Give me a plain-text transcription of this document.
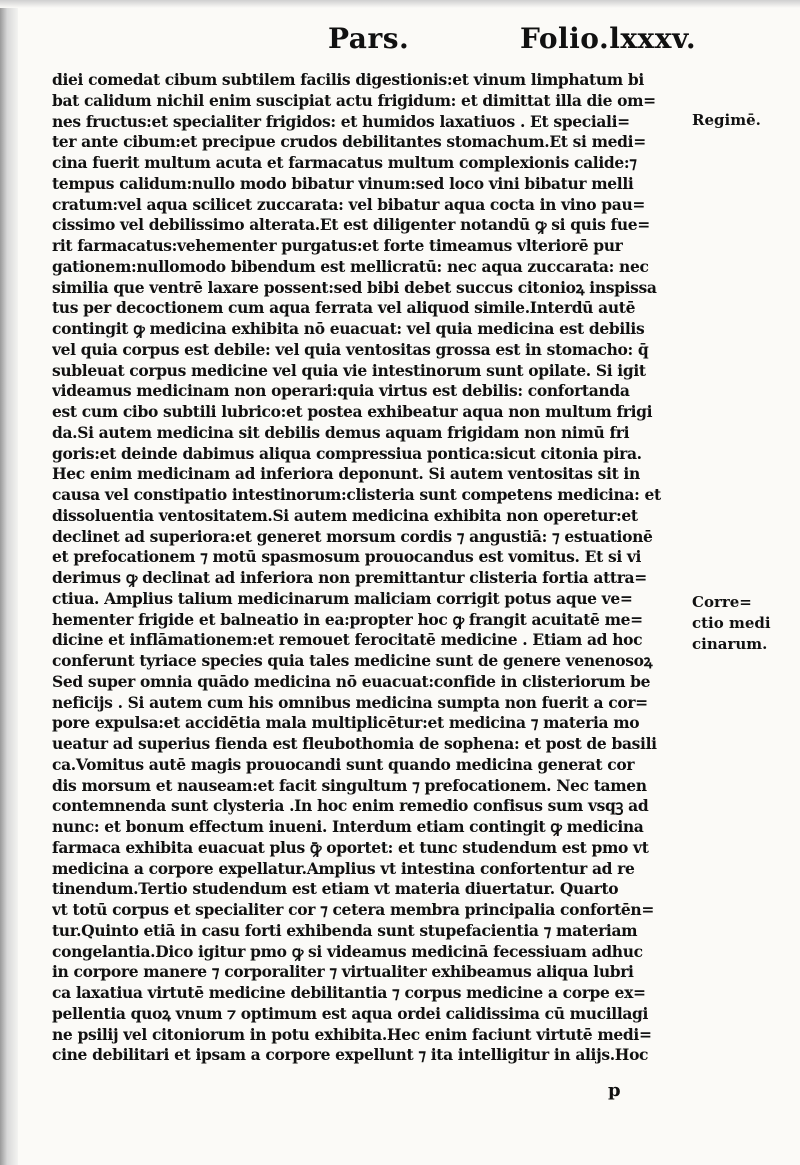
Pars.	Folio.lxxxv.
diei comedat cibum subtilem facilis digestionis:et vinum limphatum bi
bat calidum nichil enim suscipiat actu frigidum: et dimittat illa die om=
nes fructus:et specialiter frigidos: et humidos laxatiuos . Et speciali=
ter ante cibum:et precipue crudos debilitantes stomachum.Et si medi=
cina fuerit multum acuta et farmacatus multum complexionis calide:⁊
tempus calidum:nullo modo bibatur vinum:sed loco vini bibatur melli
cratum:vel aqua scilicet zuccarata: vel bibatur aqua cocta in vino pau=
cissimo vel debilissimo alterata.Et est diligenter notandū ꝙ si quis fue=
rit farmacatus:vehementer purgatus:et forte timeamus vlteriorē pur
gationem:nullomodo bibendum est mellicratū: nec aqua zuccarata: nec
similia que ventrē laxare possent:sed bibi debet succus citonioꝝ inspissa
tus per decoctionem cum aqua ferrata vel aliquod simile.Interdū autē
contingit ꝙ medicina exhibita nō euacuat: vel quia medicina est debilis
vel quia corpus est debile: vel quia ventositas grossa est in stomacho: q̄
subleuat corpus medicine vel quia vie intestinorum sunt opilate. Si igit
videamus medicinam non operari:quia virtus est debilis: confortanda
est cum cibo subtili lubrico:et postea exhibeatur aqua non multum frigi
da.Si autem medicina sit debilis demus aquam frigidam non nimū fri
goris:et deinde dabimus aliqua compressiua pontica:sicut citonia pira.
Hec enim medicinam ad inferiora deponunt. Si autem ventositas sit in
causa vel constipatio intestinorum:clisteria sunt competens medicina: et
dissoluentia ventositatem.Si autem medicina exhibita non operetur:et
declinet ad superiora:et generet morsum cordis ⁊ angustiā: ⁊ estuationē
et prefocationem ⁊ motū spasmosum prouocandus est vomitus. Et si vi
derimus ꝙ declinat ad inferiora non premittantur clisteria fortia attra=
ctiua. Amplius talium medicinarum maliciam corrigit potus aque ve=
hementer frigide et balneatio in ea:propter hoc ꝙ frangit acuitatē me=
dicine et inflāmationem:et remouet ferocitatē medicine . Etiam ad hoc
conferunt tyriace species quia tales medicine sunt de genere venenosoꝝ
Sed super omnia quādo medicina nō euacuat:confide in clisteriorum be
neficijs . Si autem cum his omnibus medicina sumpta non fuerit a cor=
pore expulsa:et accidētia mala multiplicētur:et medicina ⁊ materia mo
ueatur ad superius fienda est fleubothomia de sophena: et post de basili
ca.Vomitus autē magis prouocandi sunt quando medicina generat cor
dis morsum et nauseam:et facit singultum ⁊ prefocationem. Nec tamen
contemnenda sunt clysteria .In hoc enim remedio confisus sum vsqꝫ ad
nunc: et bonum effectum inueni. Interdum etiam contingit ꝙ medicina
farmaca exhibita euacuat plus ꝙ̄ oportet: et tunc studendum est pmo vt
medicina a corpore expellatur.Amplius vt intestina confortentur ad re
tinendum.Tertio studendum est etiam vt materia diuertatur. Quarto
vt totū corpus et specialiter cor ⁊ cetera membra principalia confortēn=
tur.Quinto etiā in casu forti exhibenda sunt stupefacientia ⁊ materiam
congelantia.Dico igitur pmo ꝙ si videamus medicinā fecessiuam adhuc
in corpore manere ⁊ corporaliter ⁊ virtualiter exhibeamus aliqua lubri
ca laxatiua virtutē medicine debilitantia ⁊ corpus medicine a corpe ex=
pellentia quoꝝ vnum ⁊ optimum est aqua ordei calidissima cū mucillagi
ne psilij vel citoniorum in potu exhibita.Hec enim faciunt virtutē medi=
cine debilitari et ipsam a corpore expellunt ⁊ ita intelligitur in alijs.Hoc
Regimē.
Corre=
ctio medi
cinarum.
p
